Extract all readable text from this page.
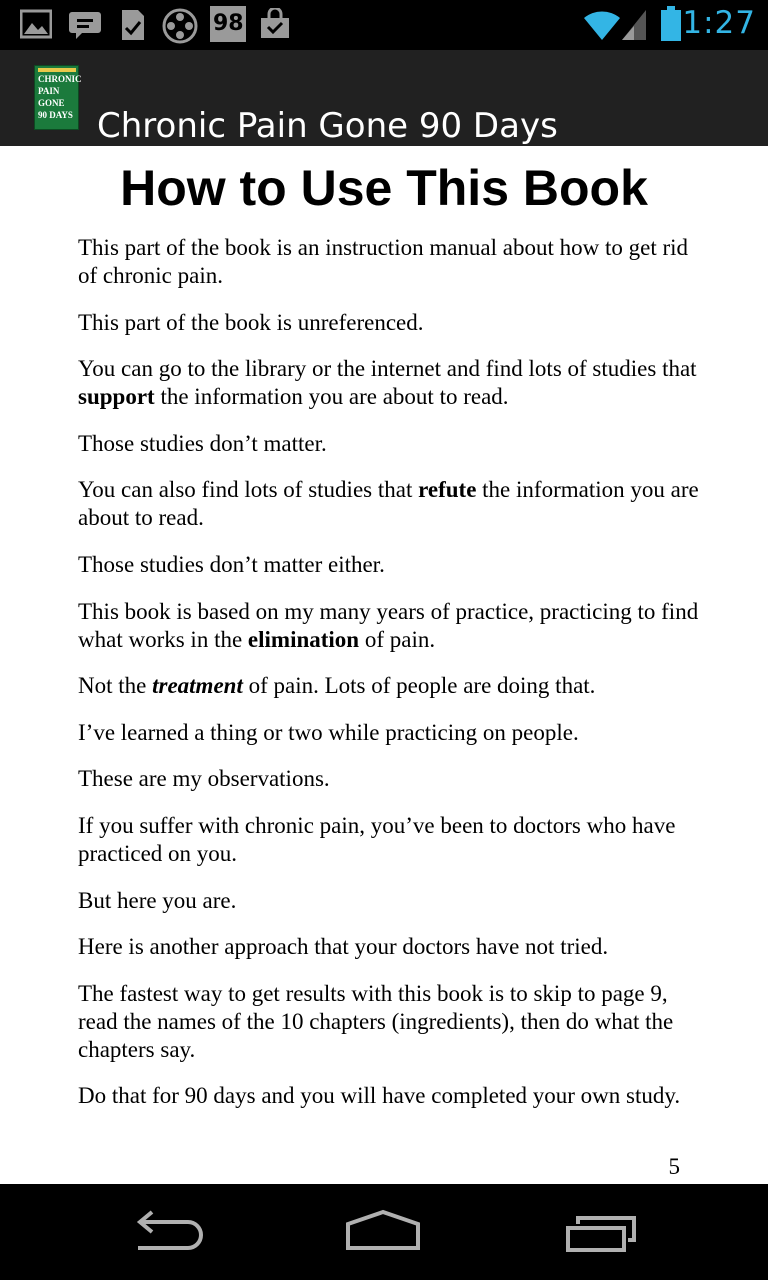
98	1:27
CHRONIC
PAIN
GONE
90 DAYS Chronic Pain Gone 90 Days
How to Use This Book

This part of the book is an instruction manual about how to get rid of chronic pain.

This part of the book is unreferenced.

You can go to the library or the internet and find lots of studies that support the information you are about to read.

Those studies don’t matter.

You can also find lots of studies that refute the information you are about to read.

Those studies don’t matter either.

This book is based on my many years of practice, practicing to find what works in the elimination of pain.

Not the treatment of pain. Lots of people are doing that.

I’ve learned a thing or two while practicing on people.

These are my observations.

If you suffer with chronic pain, you’ve been to doctors who have practiced on you.

But here you are.

Here is another approach that your doctors have not tried.

The fastest way to get results with this book is to skip to page 9, read the names of the 10 chapters (ingredients), then do what the chapters say.

Do that for 90 days and you will have completed your own study.

5
